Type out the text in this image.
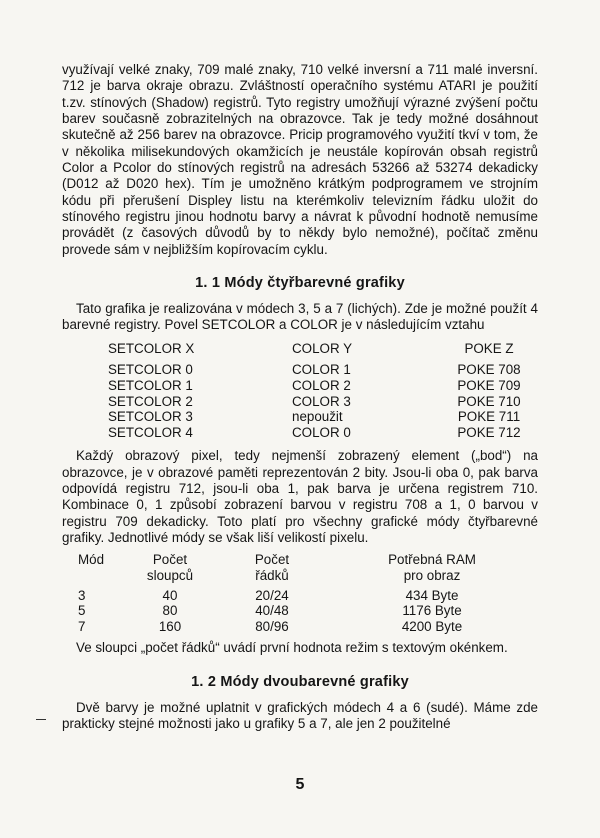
využívají velké znaky, 709 malé znaky, 710 velké inversní a 711 malé inversní. 712 je barva okraje obrazu. Zvláštností operačního systému ATARI je použití t.zv. stínových (Shadow) registrů. Tyto registry umožňují výrazné zvýšení počtu barev současně zobrazitelných na obrazovce. Tak je tedy možné dosáhnout skutečně až 256 barev na obrazovce. Pricip programového využití tkví v tom, že v několika milisekundových okamžicích je neustále kopírován obsah registrů Color a Pcolor do stínových registrů na adresách 53266 až 53274 dekadicky (D012 až D020 hex). Tím je umožněno krátkým podprogramem ve strojním kódu při přerušení Displey listu na kterémkoliv televizním řádku uložit do stínového registru jinou hodnotu barvy a návrat k původní hodnotě nemusíme provádět (z časových důvodů by to někdy bylo nemožné), počítač změnu provede sám v nejbližším kopírovacím cyklu.

1. 1 Módy čtyřbarevné grafiky

Tato grafika je realizována v módech 3, 5 a 7 (lichých). Zde je možné použít 4 barevné registry. Povel SETCOLOR a COLOR je v následujícím vztahu

SETCOLOR X	COLOR Y	POKE Z
SETCOLOR 0	COLOR 1	POKE 708
SETCOLOR 1	COLOR 2	POKE 709
SETCOLOR 2	COLOR 3	POKE 710
SETCOLOR 3	nepoužit	POKE 711
SETCOLOR 4	COLOR 0	POKE 712

Každý obrazový pixel, tedy nejmenší zobrazený element („bod“) na obrazovce, je v obrazové paměti reprezentován 2 bity. Jsou-li oba 0, pak barva odpovídá registru 712, jsou-li oba 1, pak barva je určena registrem 710. Kombinace 0, 1 způsobí zobrazení barvou v registru 708 a 1, 0 barvou v registru 709 dekadicky. Toto platí pro všechny grafické módy čtyřbarevné grafiky. Jednotlivé módy se však liší velikostí pixelu.

Mód	Počet	Počet	Potřebná RAM
	sloupců	řádků	pro obraz

3	40	20/24	434 Byte
5	80	40/48	1176 Byte
7	160	80/96	4200 Byte

Ve sloupci „počet řádků“ uvádí první hodnota režim s textovým okénkem.

1. 2 Módy dvoubarevné grafiky

Dvě barvy je možné uplatnit v grafických módech 4 a 6 (sudé). Máme zde prakticky stejné možnosti jako u grafiky 5 a 7, ale jen 2 použitelné

5
